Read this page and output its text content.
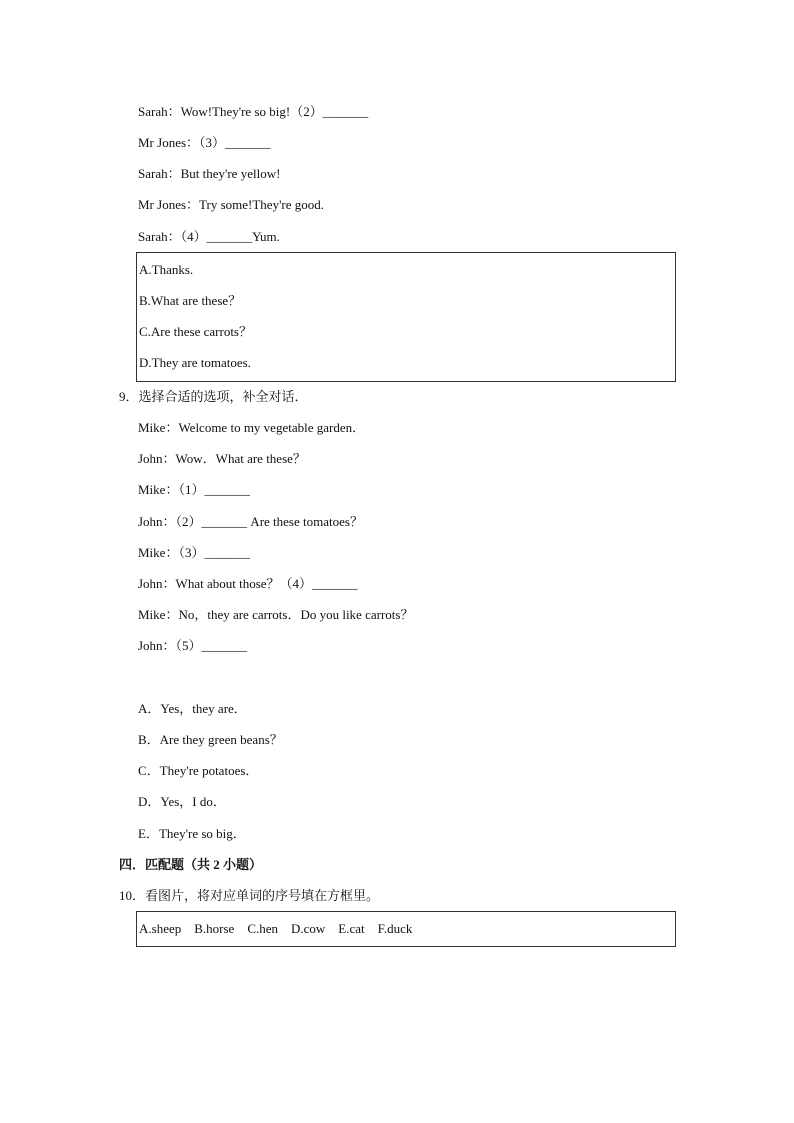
Sarah：Wow!They're so big!（2）_______
Mr Jones：（3）_______
Sarah：But they're yellow!
Mr Jones：Try some!They're good.
Sarah：（4）_______Yum.
A.Thanks.
B.What are these？
C.Are these carrots？
D.They are tomatoes.
9．选择合适的选项，补全对话．
Mike：Welcome to my vegetable garden．
John：Wow．What are these？
Mike：（1）_______
John：（2）_______ Are these tomatoes？
Mike：（3）_______
John：What about those？（4）_______
Mike：No，they are carrots．Do you like carrots？
John：（5）_______
A．Yes，they are．
B．Are they green beans？
C．They're potatoes．
D．Yes，I do．
E．They're so big．
四．匹配题（共 2 小题）
10．看图片，将对应单词的序号填在方框里。
A.sheep    B.horse    C.hen    D.cow    E.cat    F.duck
